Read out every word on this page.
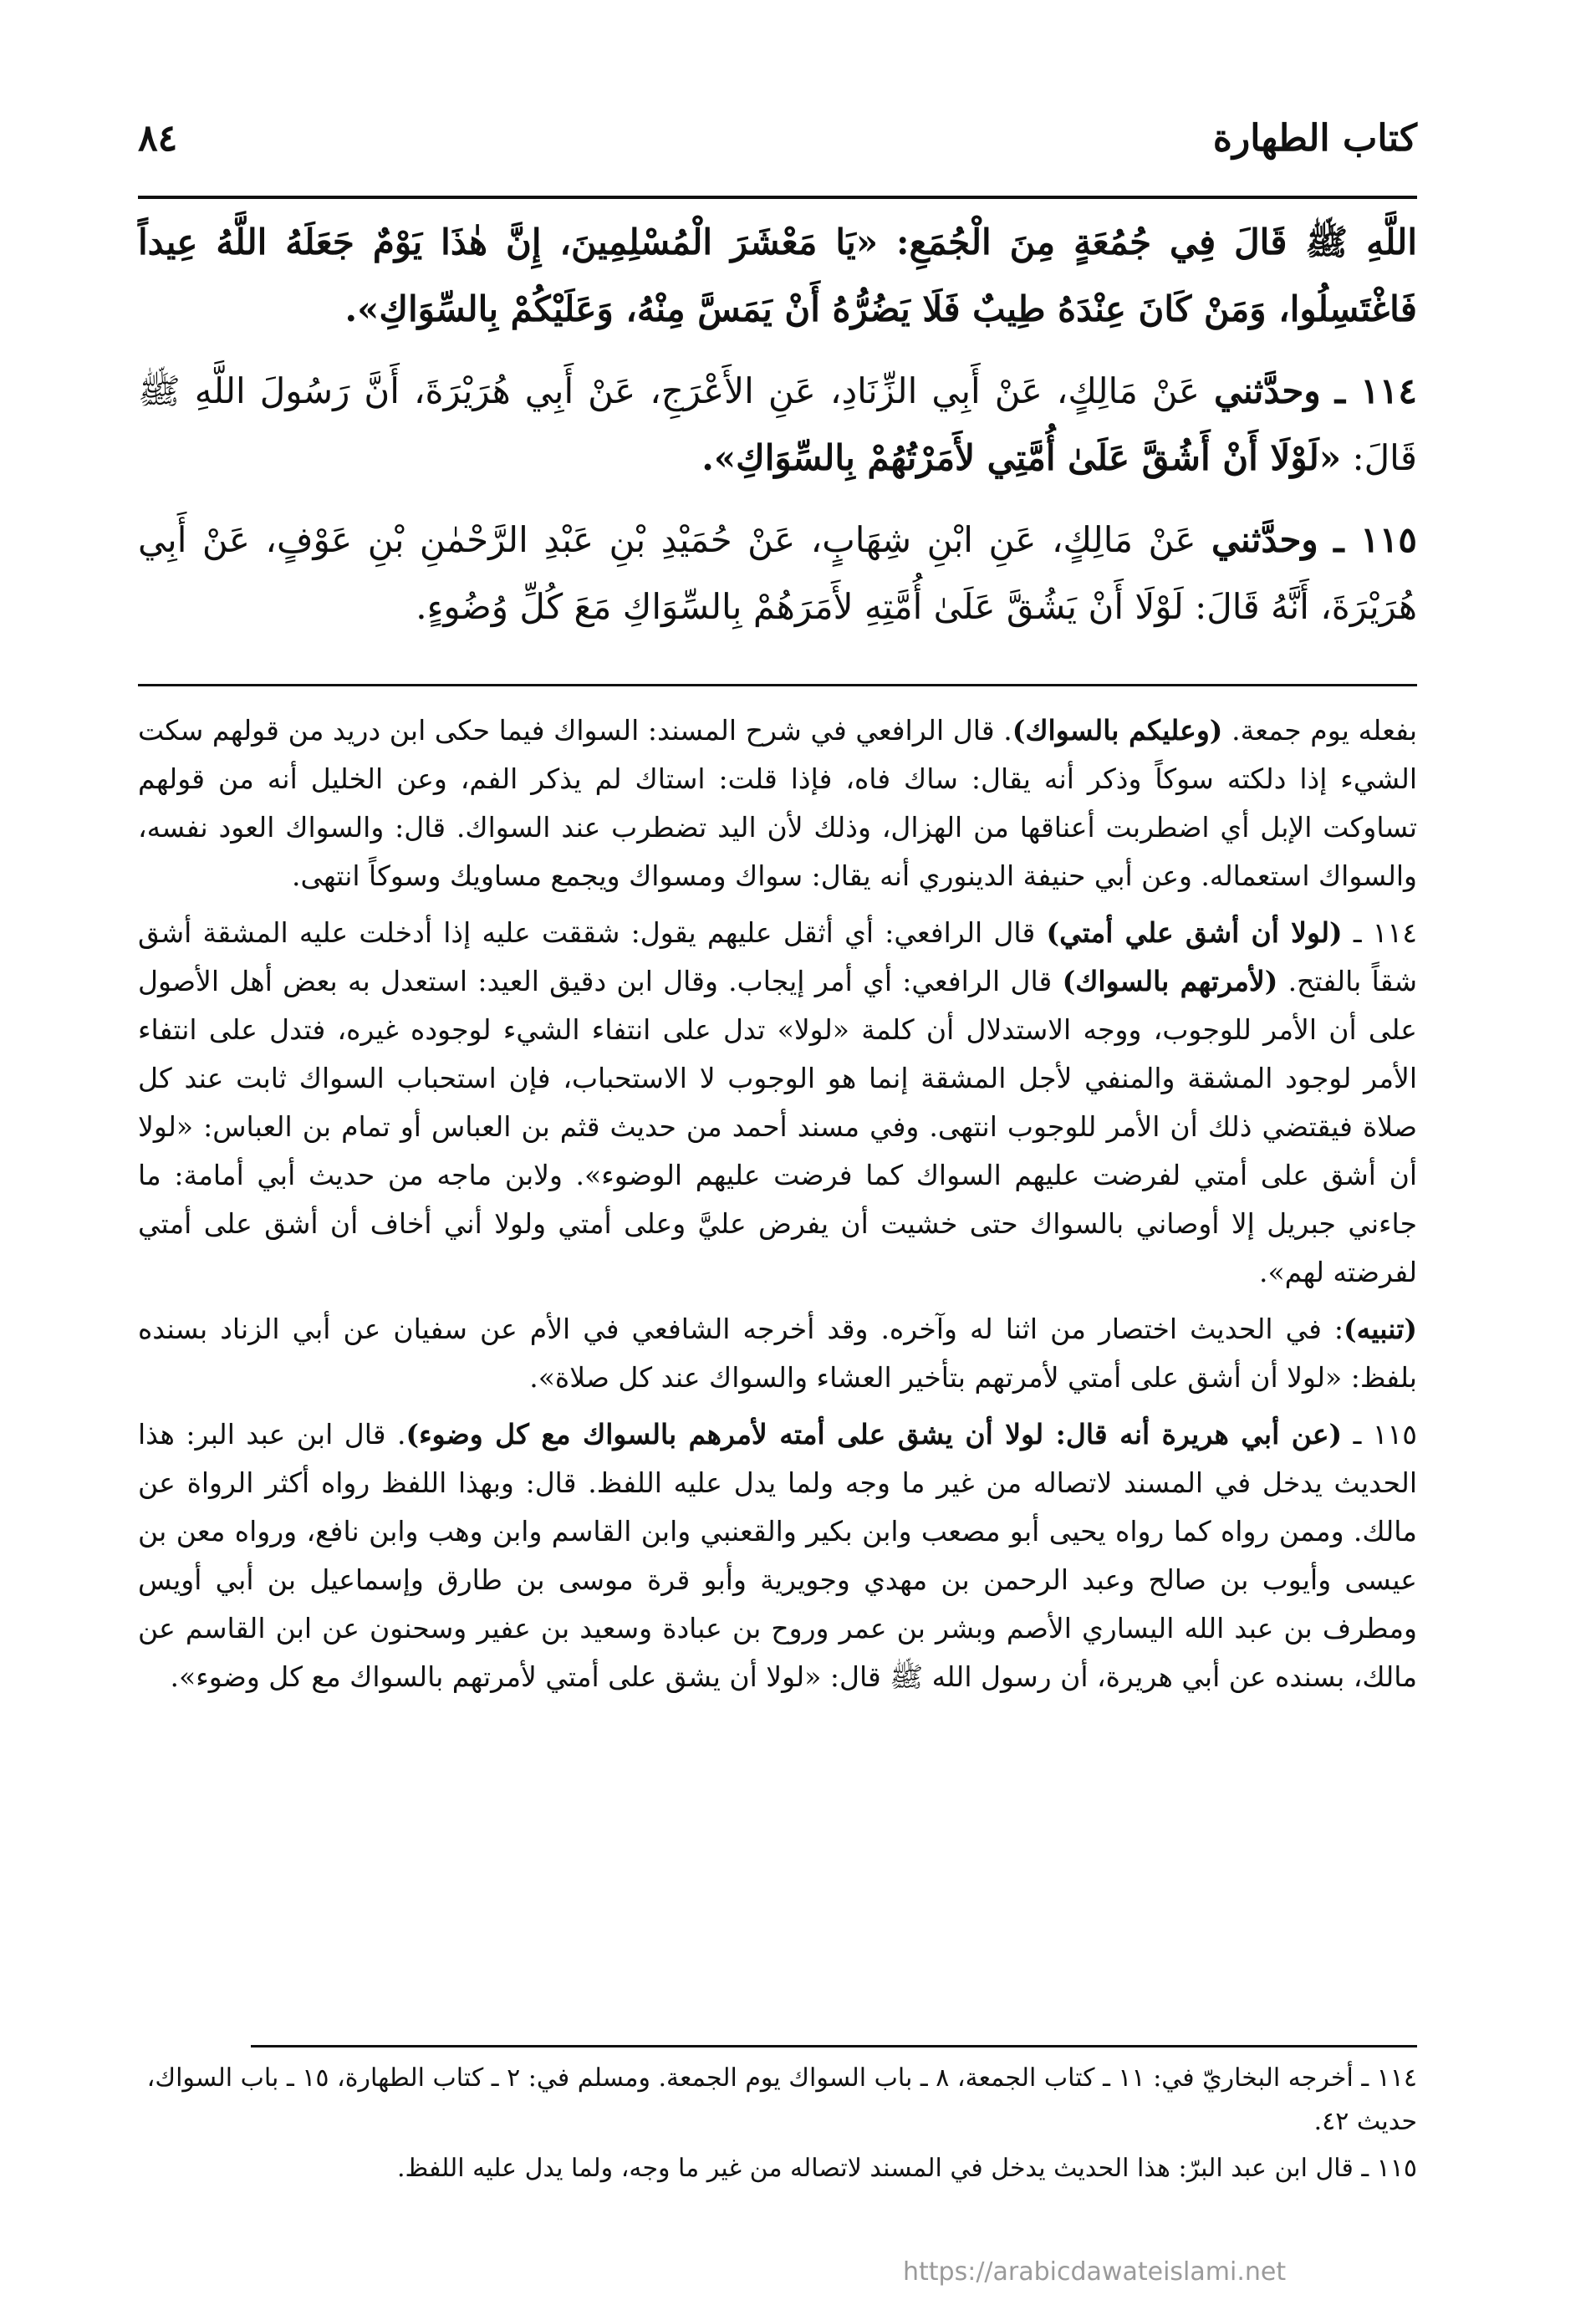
كتاب الطهارة
٨٤

اللَّهِ ﷺ قَالَ فِي جُمُعَةٍ مِنَ الْجُمَعِ: «يَا مَعْشَرَ الْمُسْلِمِينَ، إِنَّ هٰذَا يَوْمٌ جَعَلَهُ اللَّهُ عِيداً فَاغْتَسِلُوا، وَمَنْ كَانَ عِنْدَهُ طِيبٌ فَلَا يَضُرُّهُ أَنْ يَمَسَّ مِنْهُ، وَعَلَيْكُمْ بِالسِّوَاكِ».

١١٤ ـ وحدَّثني عَنْ مَالِكٍ، عَنْ أَبِي الزِّنَادِ، عَنِ الأَعْرَجِ، عَنْ أَبِي هُرَيْرَةَ، أَنَّ رَسُولَ اللَّهِ ﷺ قَالَ: «لَوْلَا أَنْ أَشُقَّ عَلَىٰ أُمَّتِي لأَمَرْتُهُمْ بِالسِّوَاكِ».

١١٥ ـ وحدَّثني عَنْ مَالِكٍ، عَنِ ابْنِ شِهَابٍ، عَنْ حُمَيْدِ بْنِ عَبْدِ الرَّحْمٰنِ بْنِ عَوْفٍ، عَنْ أَبِي هُرَيْرَةَ، أَنَّهُ قَالَ: لَوْلَا أَنْ يَشُقَّ عَلَىٰ أُمَّتِهِ لأَمَرَهُمْ بِالسِّوَاكِ مَعَ كُلِّ وُضُوءٍ.

بفعله يوم جمعة. (وعليكم بالسواك). قال الرافعي في شرح المسند: السواك فيما حكى ابن دريد من قولهم سكت الشيء إذا دلكته سوكاً وذكر أنه يقال: ساك فاه، فإذا قلت: استاك لم يذكر الفم، وعن الخليل أنه من قولهم تساوكت الإبل أي اضطربت أعناقها من الهزال، وذلك لأن اليد تضطرب عند السواك. قال: والسواك العود نفسه، والسواك استعماله. وعن أبي حنيفة الدينوري أنه يقال: سواك ومسواك ويجمع مساويك وسوكاً انتهى.

١١٤ ـ (لولا أن أشق علي أمتي) قال الرافعي: أي أثقل عليهم يقول: شققت عليه إذا أدخلت عليه المشقة أشق شقاً بالفتح. (لأمرتهم بالسواك) قال الرافعي: أي أمر إيجاب. وقال ابن دقيق العيد: استعدل به بعض أهل الأصول على أن الأمر للوجوب، ووجه الاستدلال أن كلمة «لولا» تدل على انتفاء الشيء لوجوده غيره، فتدل على انتفاء الأمر لوجود المشقة والمنفي لأجل المشقة إنما هو الوجوب لا الاستحباب، فإن استحباب السواك ثابت عند كل صلاة فيقتضي ذلك أن الأمر للوجوب انتهى. وفي مسند أحمد من حديث قثم بن العباس أو تمام بن العباس: «لولا أن أشق على أمتي لفرضت عليهم السواك كما فرضت عليهم الوضوء». ولابن ماجه من حديث أبي أمامة: ما جاءني جبريل إلا أوصاني بالسواك حتى خشيت أن يفرض عليَّ وعلى أمتي ولولا أني أخاف أن أشق على أمتي لفرضته لهم».

(تنبيه): في الحديث اختصار من اثنا له وآخره. وقد أخرجه الشافعي في الأم عن سفيان عن أبي الزناد بسنده بلفظ: «لولا أن أشق على أمتي لأمرتهم بتأخير العشاء والسواك عند كل صلاة».

١١٥ ـ (عن أبي هريرة أنه قال: لولا أن يشق على أمته لأمرهم بالسواك مع كل وضوء). قال ابن عبد البر: هذا الحديث يدخل في المسند لاتصاله من غير ما وجه ولما يدل عليه اللفظ. قال: وبهذا اللفظ رواه أكثر الرواة عن مالك. وممن رواه كما رواه يحيى أبو مصعب وابن بكير والقعنبي وابن القاسم وابن وهب وابن نافع، ورواه معن بن عيسى وأيوب بن صالح وعبد الرحمن بن مهدي وجويرية وأبو قرة موسى بن طارق وإسماعيل بن أبي أويس ومطرف بن عبد الله اليساري الأصم وبشر بن عمر وروح بن عبادة وسعيد بن عفير وسحنون عن ابن القاسم عن مالك، بسنده عن أبي هريرة، أن رسول الله ﷺ قال: «لولا أن يشق على أمتي لأمرتهم بالسواك مع كل وضوء».

١١٤ ـ أخرجه البخاريّ في: ١١ ـ كتاب الجمعة، ٨ ـ باب السواك يوم الجمعة. ومسلم في: ٢ ـ كتاب الطهارة، ١٥ ـ باب السواك، حديث ٤٢.

١١٥ ـ قال ابن عبد البرّ: هذا الحديث يدخل في المسند لاتصاله من غير ما وجه، ولما يدل عليه اللفظ.

https://arabicdawateislami.net
